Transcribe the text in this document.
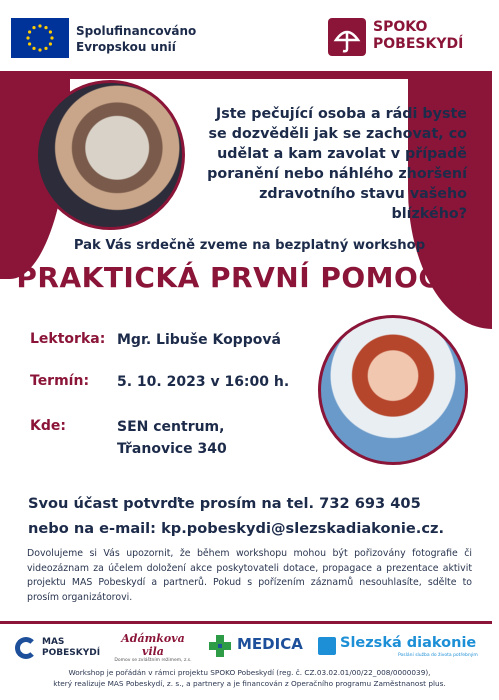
Spolufinancováno
Evropskou unií
SPOKO
POBESKYDÍ
Jste pečující osoba a rádi byste se dozvěděli jak se zachovat, co udělat a kam zavolat v případě poranění nebo náhlého zhoršení zdravotního stavu vašeho blízkého?
Pak Vás srdečně zveme na bezplatný workshop
PRAKTICKÁ PRVNÍ POMOC II.
Lektorka: Mgr. Libuše Koppová
Termín: 5. 10. 2023 v 16:00 h.
Kde:	SEN centrum,
Třanovice 340
Svou účast potvrďte prosím na tel. 732 693 405
nebo na e-mail: kp.pobeskydi@slezskadiakonie.cz.
Dovolujeme si Vás upozornit, že během workshopu mohou být pořizovány fotografie či videozáznam za účelem doložení akce poskytovateli dotace, propagace a prezentace aktivit projektu MAS Pobeskydí a partnerů. Pokud s pořízením záznamů nesouhlasíte, sdělte to prosím organizátorovi.
MAS
POBESKYDÍ
Adámkova vila
Domov se zvláštním režimem, z.s.
MEDICA	Slezská diakonie
Poslání služba do života potřebným
Workshop je pořádán v rámci projektu SPOKO Pobeskydí (reg. č. CZ.03.02.01/00/22_008/0000039),
který realizuje MAS Pobeskydí, z. s., a partnery a je financován z Operačního programu Zaměstnanost plus.
